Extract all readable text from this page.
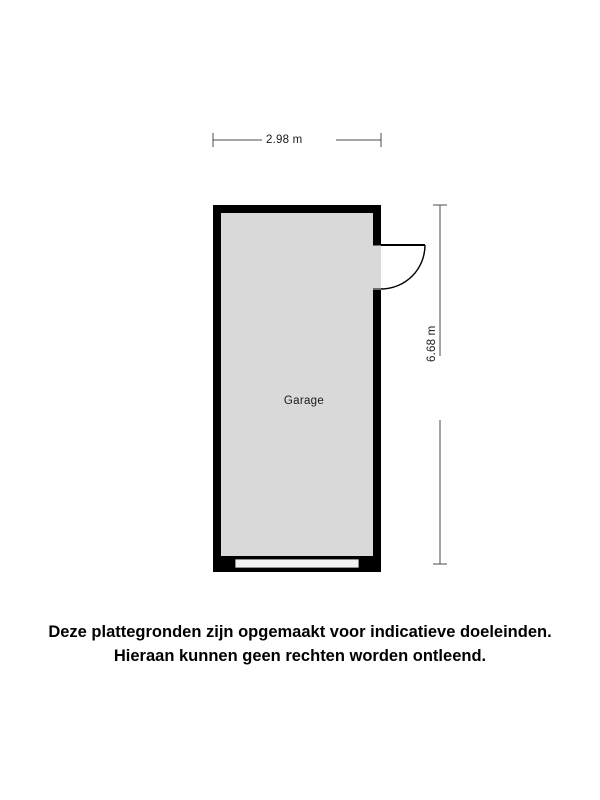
2.98 m
6.68 m
Garage
Deze plattegronden zijn opgemaakt voor indicatieve doeleinden.
Hieraan kunnen geen rechten worden ontleend.
